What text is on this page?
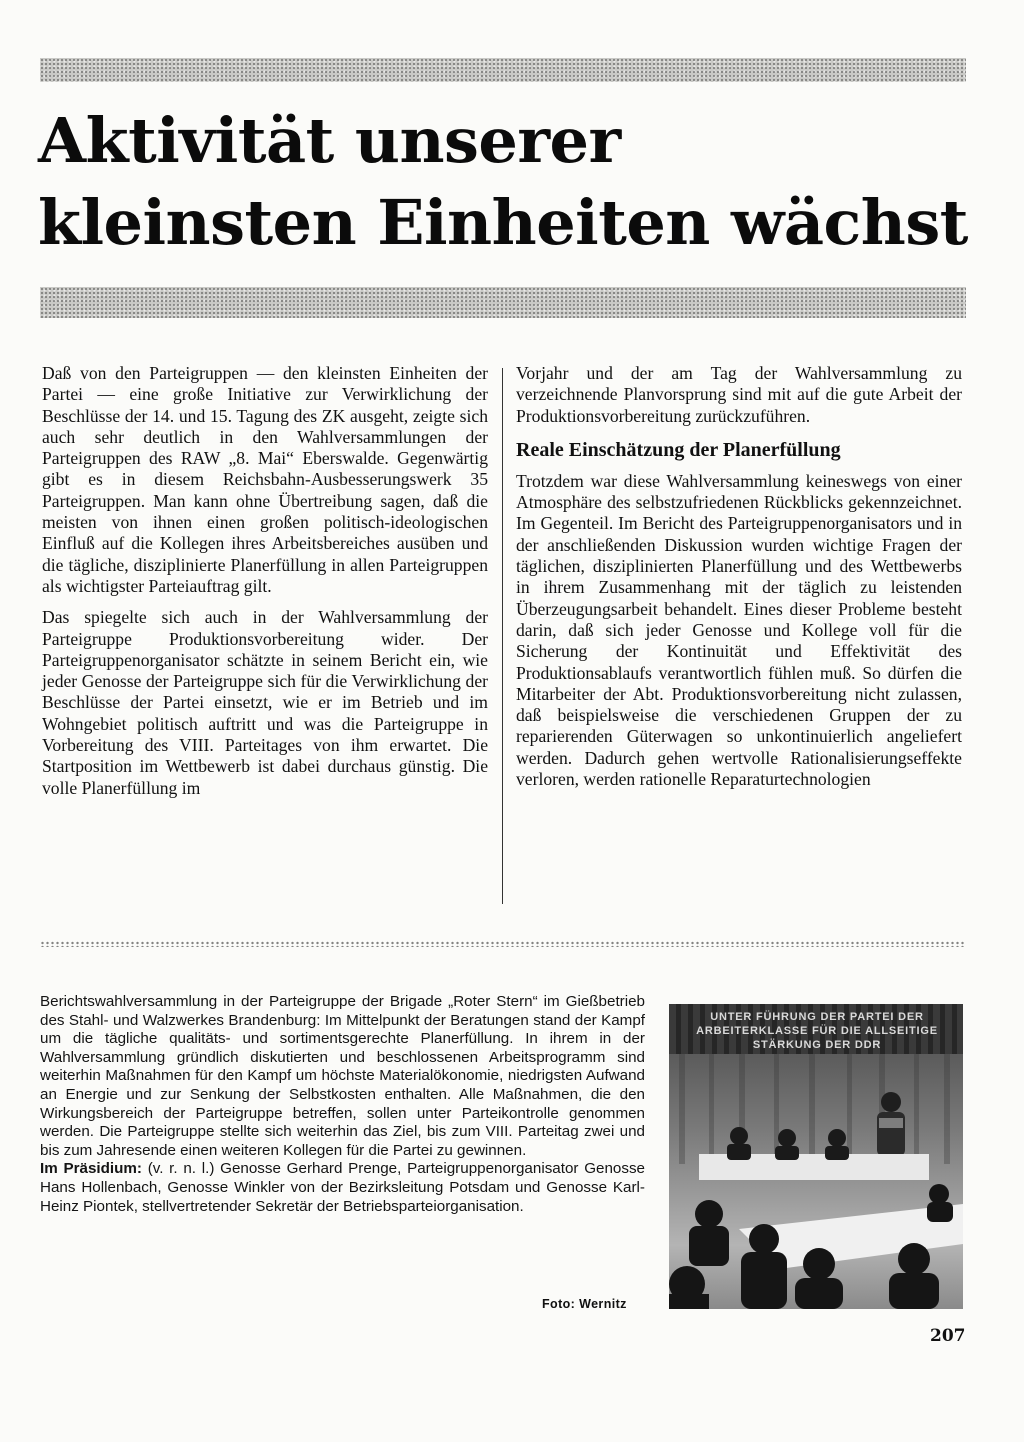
Aktivität unserer
kleinsten Einheiten wächst

Daß von den Parteigruppen — den kleinsten Einheiten der Partei — eine große Initiative zur Verwirklichung der Beschlüsse der 14. und 15. Tagung des ZK ausgeht, zeigte sich auch sehr deutlich in den Wahlversammlungen der Parteigruppen des RAW „8. Mai“ Eberswalde. Gegenwärtig gibt es in diesem Reichsbahn-Ausbesserungswerk 35 Parteigruppen. Man kann ohne Übertreibung sagen, daß die meisten von ihnen einen großen politisch-ideologischen Einfluß auf die Kollegen ihres Arbeitsbereiches ausüben und die tägliche, disziplinierte Planerfüllung in allen Parteigruppen als wichtigster Parteiauftrag gilt.

Das spiegelte sich auch in der Wahlversammlung der Parteigruppe Produktionsvorbereitung wider. Der Parteigruppenorganisator schätzte in seinem Bericht ein, wie jeder Genosse der Parteigruppe sich für die Verwirklichung der Beschlüsse der Partei einsetzt, wie er im Betrieb und im Wohngebiet politisch auftritt und was die Parteigruppe in Vorbereitung des VIII. Parteitages von ihm erwartet. Die Startposition im Wettbewerb ist dabei durchaus günstig. Die volle Planerfüllung im

Vorjahr und der am Tag der Wahlversammlung zu verzeichnende Planvorsprung sind mit auf die gute Arbeit der Produktionsvorbereitung zurückzuführen.

Reale Einschätzung der Planerfüllung

Trotzdem war diese Wahlversammlung keineswegs von einer Atmosphäre des selbstzufriedenen Rückblicks gekennzeichnet. Im Gegenteil. Im Bericht des Parteigruppenorganisators und in der anschließenden Diskussion wurden wichtige Fragen der täglichen, disziplinierten Planerfüllung und des Wettbewerbs in ihrem Zusammenhang mit der täglich zu leistenden Überzeugungsarbeit behandelt. Eines dieser Probleme besteht darin, daß sich jeder Genosse und Kollege voll für die Sicherung der Kontinuität und Effektivität des Produktionsablaufs verantwortlich fühlen muß. So dürfen die Mitarbeiter der Abt. Produktionsvorbereitung nicht zulassen, daß beispielsweise die verschiedenen Gruppen der zu reparierenden Güterwagen so unkontinuierlich angeliefert werden. Dadurch gehen wertvolle Rationalisierungseffekte verloren, werden rationelle Reparaturtechnologien

Berichtswahlversammlung in der Parteigruppe der Brigade „Roter Stern“ im Gießbetrieb des Stahl- und Walzwerkes Brandenburg: Im Mittelpunkt der Beratungen stand der Kampf um die tägliche qualitäts- und sortimentsgerechte Planerfüllung. In ihrem in der Wahlversammlung gründlich diskutierten und beschlossenen Arbeitsprogramm sind weiterhin Maßnahmen für den Kampf um höchste Materialökonomie, niedrigsten Aufwand an Energie und zur Senkung der Selbstkosten enthalten. Alle Maßnahmen, die den Wirkungsbereich der Parteigruppe betreffen, sollen unter Parteikontrolle genommen werden. Die Parteigruppe stellte sich weiterhin das Ziel, bis zum VIII. Parteitag zwei und bis zum Jahresende einen weiteren Kollegen für die Partei zu gewinnen.

Im Präsidium: (v. r. n. l.) Genosse Gerhard Prenge, Parteigruppenorganisator Genosse Hans Hollenbach, Genosse Winkler von der Bezirksleitung Potsdam und Genosse Karl-Heinz Piontek, stellvertretender Sekretär der Betriebsparteiorganisation.

Foto: Wernitz
UNTER FÜHRUNG DER PARTEI DER ARBEITERKLASSE FÜR DIE ALLSEITIGE STÄRKUNG DER DDR
207
